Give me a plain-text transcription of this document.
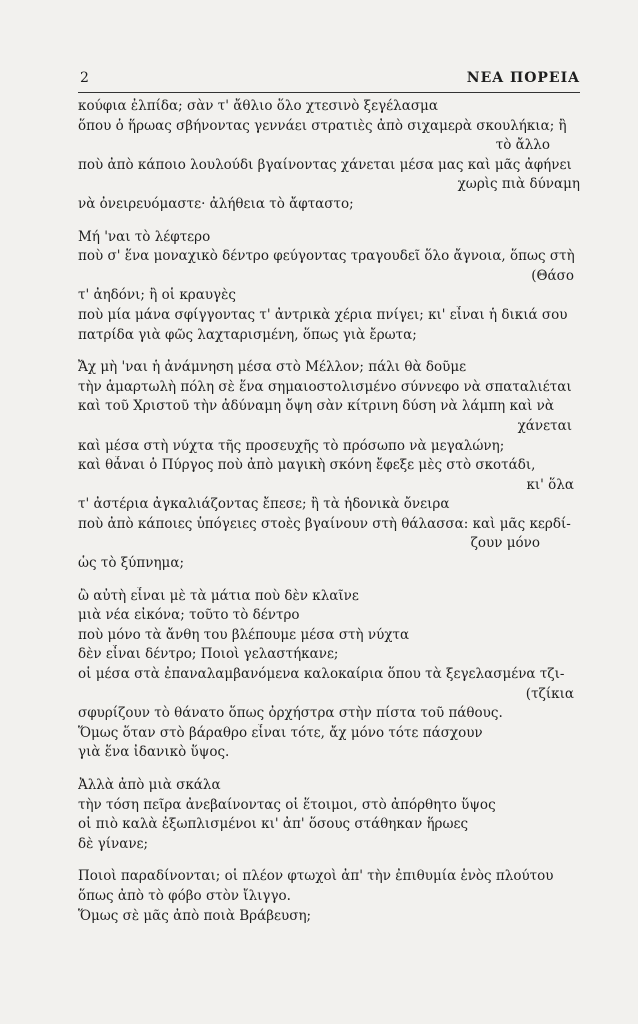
2	ΝΕΑ ΠΟΡΕΙΑ
κούφια ἐλπίδα; σὰν τ' ἄθλιο ὅλο χτεσινὸ ξεγέλασμα
ὅπου ὁ ἥρωας σβήνοντας γεννάει στρατιὲς ἀπὸ σιχαμερὰ σκουλήκια; ἢ
τὸ ἄλλο
ποὺ ἀπὸ κάποιο λουλούδι βγαίνοντας χάνεται μέσα μας καὶ μᾶς ἀφήνει
χωρὶς πιὰ δύναμη
νὰ ὀνειρευόμαστε· ἀλήθεια τὸ ἄφταστο;
Μή 'ναι τὸ λέφτερο
ποὺ σ' ἕνα μοναχικὸ δέντρο φεύγοντας τραγουδεῖ ὅλο ἄγνοια, ὅπως στὴ
(Θάσο
τ' ἀηδόνι; ἢ οἱ κραυγὲς
ποὺ μία μάνα σφίγγοντας τ' ἀντρικὰ χέρια πνίγει; κι' εἶναι ἡ δικιά σου
πατρίδα γιὰ φῶς λαχταρισμένη, ὅπως γιὰ ἔρωτα;
Ἄχ μὴ 'ναι ἡ ἀνάμνηση μέσα στὸ Μέλλον; πάλι θὰ δοῦμε
τὴν ἁμαρτωλὴ πόλη σὲ ἕνα σημαιοστολισμένο σύννεφο νὰ σπαταλιέται
καὶ τοῦ Χριστοῦ τὴν ἀδύναμη ὄψη σὰν κίτρινη δύση νὰ λάμπη καὶ νὰ
χάνεται
καὶ μέσα στὴ νύχτα τῆς προσευχῆς τὸ πρόσωπο νὰ μεγαλώνη;
καὶ θἆναι ὁ Πύργος ποὺ ἀπὸ μαγικὴ σκόνη ἔφεξε μὲς στὸ σκοτάδι,
κι' ὅλα
τ' ἀστέρια ἀγκαλιάζοντας ἔπεσε; ἢ τὰ ἡδονικὰ ὄνειρα
ποὺ ἀπὸ κάποιες ὑπόγειες στοὲς βγαίνουν στὴ θάλασσα: καὶ μᾶς κερδί-
ζουν μόνο
ὡς τὸ ξύπνημα;
ὢ αὐτὴ εἶναι μὲ τὰ μάτια ποὺ δὲν κλαῖνε
μιὰ νέα εἰκόνα; τοῦτο τὸ δέντρο
ποὺ μόνο τὰ ἄνθη του βλέπουμε μέσα στὴ νύχτα
δὲν εἶναι δέντρο; Ποιοὶ γελαστήκανε;
οἱ μέσα στὰ ἐπαναλαμβανόμενα καλοκαίρια ὅπου τὰ ξεγελασμένα τζι-
(τζίκια
σφυρίζουν τὸ θάνατο ὅπως ὀρχήστρα στὴν πίστα τοῦ πάθους.
Ὅμως ὅταν στὸ βάραθρο εἶναι τότε, ἄχ μόνο τότε πάσχουν
γιὰ ἕνα ἰδανικὸ ὕψος.
Ἀλλὰ ἀπὸ μιὰ σκάλα
τὴν τόση πεῖρα ἀνεβαίνοντας οἱ ἕτοιμοι, στὸ ἀπόρθητο ὕψος
οἱ πιὸ καλὰ ἐξωπλισμένοι κι' ἀπ' ὅσους στάθηκαν ἥρωες
δὲ γίνανε;
Ποιοὶ παραδίνονται; οἱ πλέον φτωχοὶ ἀπ' τὴν ἐπιθυμία ἑνὸς πλούτου
ὅπως ἀπὸ τὸ φόβο στὸν ἴλιγγο.
Ὅμως σὲ μᾶς ἀπὸ ποιὰ Βράβευση;
